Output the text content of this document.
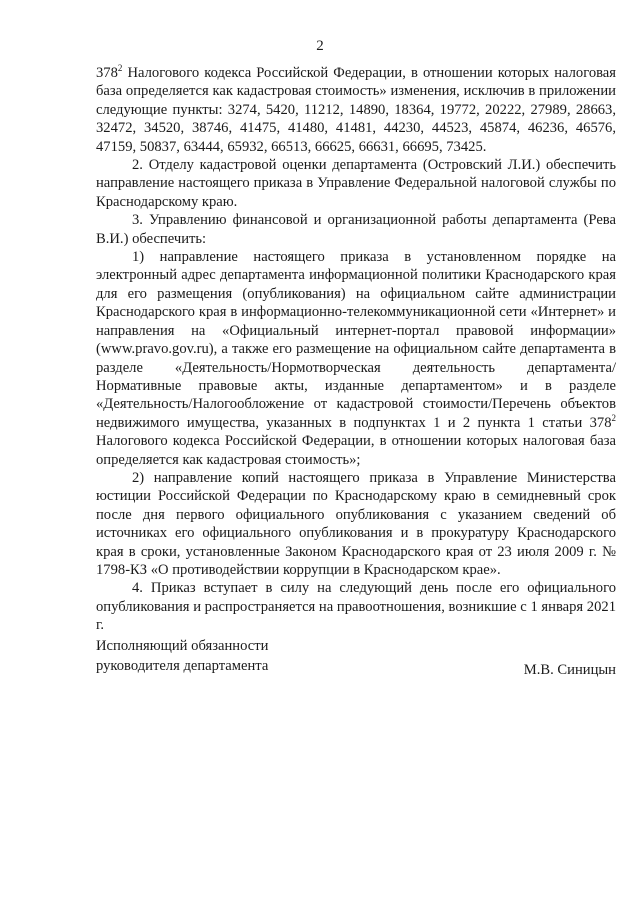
2

$378^2$ Налогового кодекса Российской Федерации, в отношении которых налоговая база определяется как кадастровая стоимость» изменения, исключив в приложении следующие пункты: 3274, 5420, 11212, 14890, 18364, 19772, 20222, 27989, 28663, 32472, 34520, 38746, 41475, 41480, 41481, 44230, 44523, 45874, 46236, 46576, 47159, 50837, 63444, 65932, 66513, 66625, 66631, 66695, 73425.

2. Отделу кадастровой оценки департамента (Островский Л.И.) обеспечить направление настоящего приказа в Управление Федеральной налоговой службы по Краснодарскому краю.

3. Управлению финансовой и организационной работы департамента (Рева В.И.) обеспечить:

1) направление настоящего приказа в установленном порядке на электронный адрес департамента информационной политики Краснодарского края для его размещения (опубликования) на официальном сайте администрации Краснодарского края в информационно-телекоммуникационной сети «Интернет» и направления на «Официальный интернет-портал правовой информации» (www.pravo.gov.ru), а также его размещение на официальном сайте департамента в разделе «Деятельность/Нормотворческая деятельность департамента/Нормативные правовые акты, изданные департаментом» и в разделе «Деятельность/Налогообложение от кадастровой стоимости/Перечень объектов недвижимого имущества, указанных в подпунктах 1 и 2 пункта 1 статьи $378^2$ Налогового кодекса Российской Федерации, в отношении которых налоговая база определяется как кадастровая стоимость»;

2) направление копий настоящего приказа в Управление Министерства юстиции Российской Федерации по Краснодарскому краю в семидневный срок после дня первого официального опубликования с указанием сведений об источниках его официального опубликования и в прокуратуру Краснодарского края в сроки, установленные Законом Краснодарского края от 23 июля 2009 г. № 1798-КЗ «О противодействии коррупции в Краснодарском крае».

4. Приказ вступает в силу на следующий день после его официального опубликования и распространяется на правоотношения, возникшие с 1 января 2021 г.

Исполняющий обязанности
руководителя департамента	М.В. Синицын
